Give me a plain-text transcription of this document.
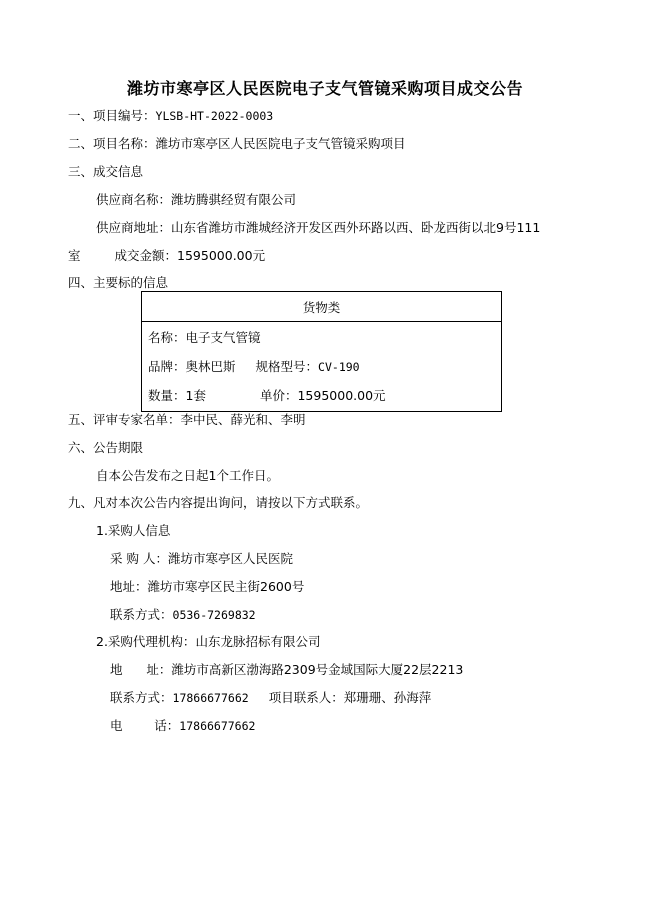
潍坊市寒亭区人民医院电子支气管镜采购项目成交公告
一、项目编号：YLSB-HT-2022-0003
二、项目名称：潍坊市寒亭区人民医院电子支气管镜采购项目
三、成交信息
供应商名称：潍坊腾骐经贸有限公司
供应商地址：山东省潍坊市潍城经济开发区西外环路以西、卧龙西街以北9号111
室	成交金额：1595000.00元
四、主要标的信息
货物类

名称：电子支气管镜
品牌：奥林巴斯 规格型号：CV-190
数量：1套	单价：1595000.00元
五、评审专家名单：李中民、薛光和、李明
六、公告期限
自本公告发布之日起1个工作日。
九、凡对本次公告内容提出询问，请按以下方式联系。
1.采购人信息
采 购 人：潍坊市寒亭区人民医院
地址：潍坊市寒亭区民主街2600号
联系方式：0536-7269832
2.采购代理机构：山东龙脉招标有限公司
地      址：潍坊市高新区渤海路2309号金域国际大厦22层2213
联系方式：17866677662 项目联系人：郑珊珊、孙海萍
电        话：17866677662
